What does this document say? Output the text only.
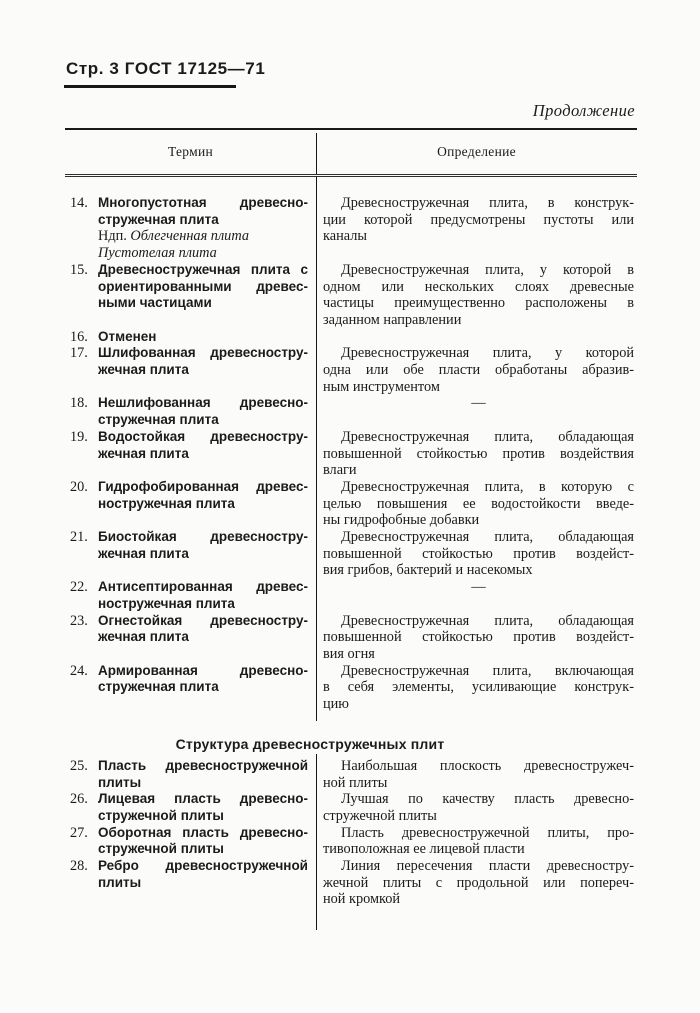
Стр. 3 ГОСТ 17125—71
Продолжение
Термин	Определение
14. Многопустотная древесно-
стружечная плита
Ндп. Облегченная плита
Пустотелая плита
Древесностружечная плита, в конструк-
ции которой предусмотрены пустоты или
каналы
15. Древесностружечная плита с
ориентированными древес-
ными частицами
Древесностружечная плита, у которой в
одном или нескольких слоях древесные
частицы преимущественно расположены в
заданном направлении
16. Отменен
17. Шлифованная древесностру-
жечная плита
Древесностружечная плита, у которой
одна или обе пласти обработаны абразив-
ным инструментом
18. Нешлифованная древесно-
стружечная плита
—
19. Водостойкая древесностру-
жечная плита
Древесностружечная плита, обладающая
повышенной стойкостью против воздействия
влаги
20. Гидрофобированная древес-
ностружечная плита
Древесностружечная плита, в которую с
целью повышения ее водостойкости введе-
ны гидрофобные добавки
21. Биостойкая древесностру-
жечная плита
Древесностружечная плита, обладающая
повышенной стойкостью против воздейст-
вия грибов, бактерий и насекомых
22. Антисептированная древес-
ностружечная плита
—
23. Огнестойкая древесностру-
жечная плита
Древесностружечная плита, обладающая
повышенной стойкостью против воздейст-
вия огня
24. Армированная древесно-
стружечная плита
Древесностружечная плита, включающая
в себя элементы, усиливающие конструк-
цию
Структура древесностружечных плит
25. Пласть древесностружечной
плиты
Наибольшая плоскость древесностружеч-
ной плиты
26. Лицевая пласть древесно-
стружечной плиты
Лучшая по качеству пласть древесно-
стружечной плиты
27. Оборотная пласть древесно-
стружечной плиты
Пласть древесностружечной плиты, про-
тивоположная ее лицевой пласти
28. Ребро древесностружечной
плиты
Линия пересечения пласти древесностру-
жечной плиты с продольной или попереч-
ной кромкой
